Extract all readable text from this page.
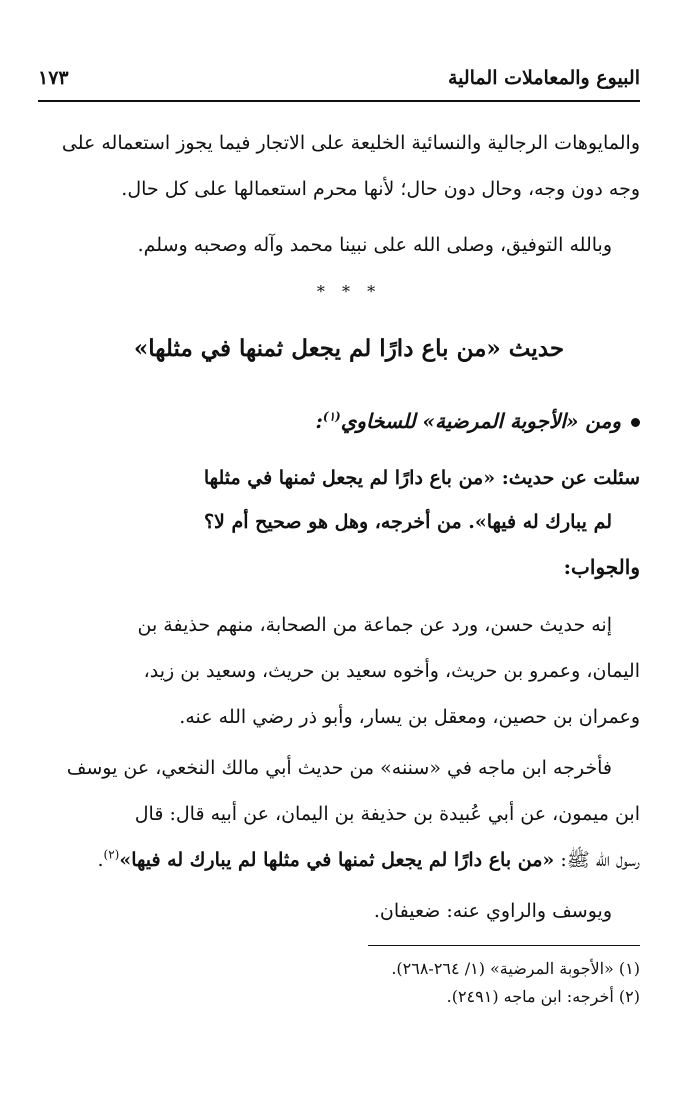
البيوع والمعاملات المالية
١٧٣
والمايوهات الرجالية والنسائية الخليعة على الاتجار فيما يجوز استعماله على
وجه دون وجه، وحال دون حال؛ لأنها محرم استعمالها على كل حال.
وبالله التوفيق، وصلى الله على نبينا محمد وآله وصحبه وسلم.
* * *
حديث «من باع دارًا لم يجعل ثمنها في مثلها»
ومن «الأجوبة المرضية» للسخاوي$^{(١)}$:
سئلت عن حديث: «من باع دارًا لم يجعل ثمنها في مثلها
لم يبارك له فيها». من أخرجه، وهل هو صحيح أم لا؟
والجواب:
إنه حديث حسن، ورد عن جماعة من الصحابة، منهم حذيفة بن
اليمان، وعمرو بن حريث، وأخوه سعيد بن حريث، وسعيد بن زيد،
وعمران بن حصين، ومعقل بن يسار، وأبو ذر رضي الله عنه.
فأخرجه ابن ماجه في «سننه» من حديث أبي مالك النخعي، عن يوسف
ابن ميمون، عن أبي عُبيدة بن حذيفة بن اليمان، عن أبيه قال: قال
رسول الله ﷺ: «من باع دارًا لم يجعل ثمنها في مثلها لم يبارك له فيها»$^{(٢)}$.
ويوسف والراوي عنه: ضعيفان.
(١) «الأجوبة المرضية» (١/ ٢٦٤-٢٦٨).
(٢) أخرجه: ابن ماجه (٢٤٩١).
